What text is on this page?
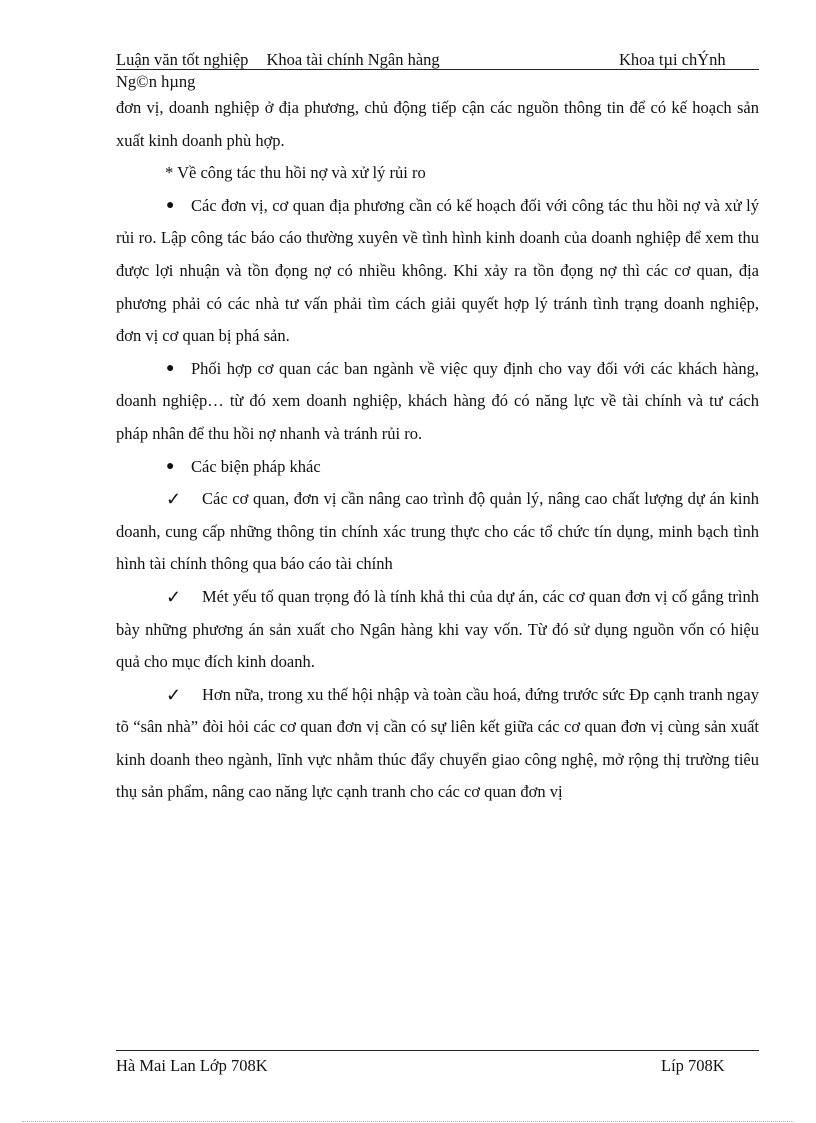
Luận văn tốt nghiệp Khoa tài chính Ngân hàng	Khoa tµi chÝnh
Ng©n hµng

đơn vị, doanh nghiệp ở địa phương, chủ động tiếp cận các nguồn thông tin để có kế hoạch sản xuất kinh doanh phù hợp.

* Về công tác thu hồi nợ và xử lý rủi ro

● Các đơn vị, cơ quan địa phương cần có kế hoạch đối với công tác thu hồi nợ và xử lý rủi ro. Lập công tác báo cáo thường xuyên về tình hình kinh doanh của doanh nghiệp để xem thu được lợi nhuận và tồn đọng nợ có nhiều không. Khi xảy ra tồn đọng nợ thì các cơ quan, địa phương phải có các nhà tư vấn phải tìm cách giải quyết hợp lý tránh tình trạng doanh nghiệp, đơn vị cơ quan bị phá sản.

● Phối hợp cơ quan các ban ngành về việc quy định cho vay đối với các khách hàng, doanh nghiệp… từ đó xem doanh nghiệp, khách hàng đó có năng lực về tài chính và tư cách pháp nhân để thu hồi nợ nhanh và tránh rủi ro.

● Các biện pháp khác

✓ Các cơ quan, đơn vị cần nâng cao trình độ quản lý, nâng cao chất lượng dự án kinh doanh, cung cấp những thông tin chính xác trung thực cho các tổ chức tín dụng, minh bạch tình hình tài chính thông qua báo cáo tài chính

✓ Mét yếu tố quan trọng đó là tính khả thi của dự án, các cơ quan đơn vị cố gắng trình bày những phương án sản xuất cho Ngân hàng khi vay vốn. Từ đó sử dụng nguồn vốn có hiệu quả cho mục đích kinh doanh.

✓ Hơn nữa, trong xu thế hội nhập và toàn cầu hoá, đứng trước sức Ðp cạnh tranh ngay tõ “sân nhà” đòi hỏi các cơ quan đơn vị cần có sự liên kết giữa các cơ quan đơn vị cùng sản xuất kinh doanh theo ngành, lĩnh vực nhằm thúc đẩy chuyển giao công nghệ, mở rộng thị trường tiêu thụ sản phẩm, nâng cao năng lực cạnh tranh cho các cơ quan đơn vị

Hà Mai Lan Lớp 708K	Líp 708K
